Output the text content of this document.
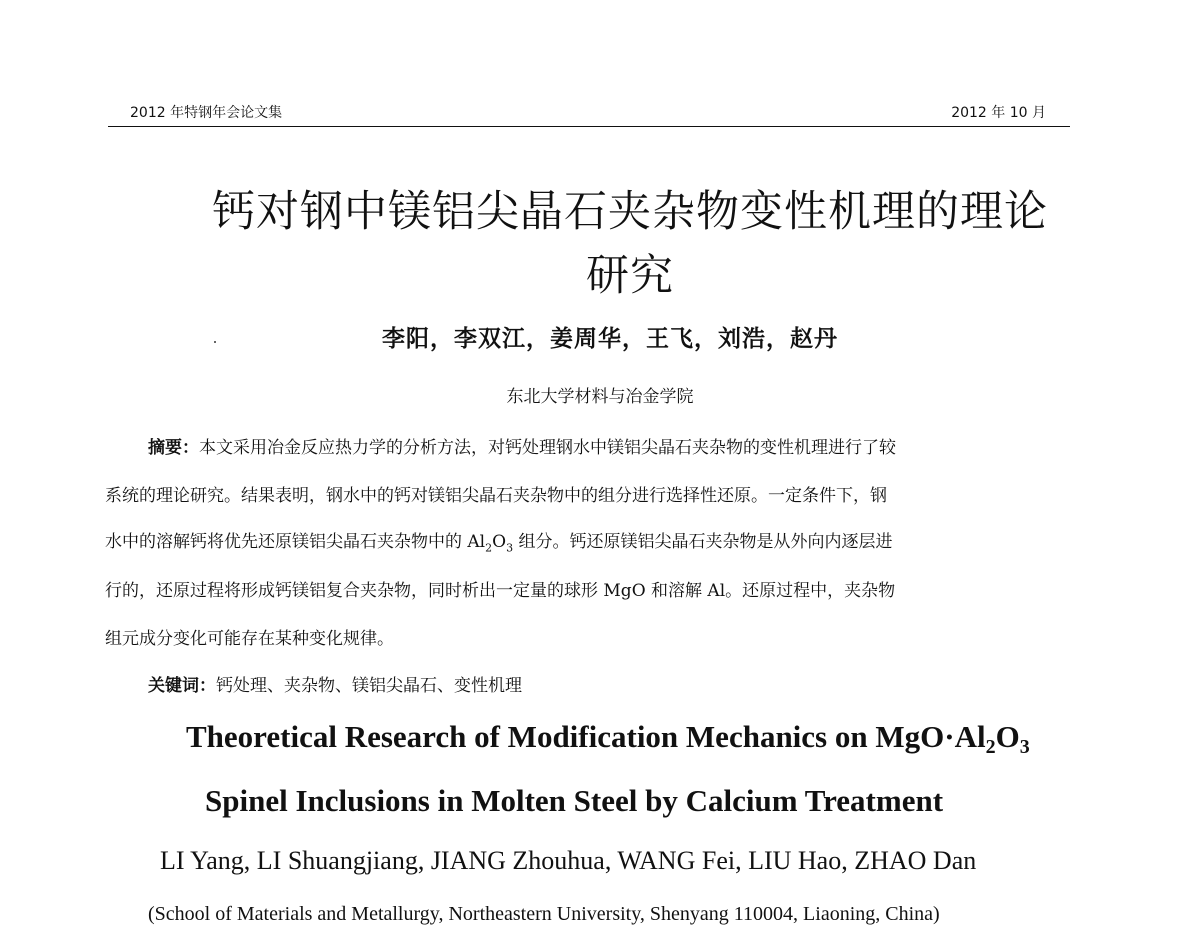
2012 年特钢年会论文集	2012 年 10 月
钙对钢中镁铝尖晶石夹杂物变性机理的理论
研究
李阳，李双江，姜周华，王飞，刘浩，赵丹
东北大学材料与冶金学院
摘要：本文采用冶金反应热力学的分析方法，对钙处理钢水中镁铝尖晶石夹杂物的变性机理进行了较
系统的理论研究。结果表明，钢水中的钙对镁铝尖晶石夹杂物中的组分进行选择性还原。一定条件下，钢
水中的溶解钙将优先还原镁铝尖晶石夹杂物中的 $Al_2O_3$ 组分。钙还原镁铝尖晶石夹杂物是从外向内逐层进
行的，还原过程将形成钙镁铝复合夹杂物，同时析出一定量的球形 MgO 和溶解 Al。还原过程中，夹杂物
组元成分变化可能存在某种变化规律。
关键词：钙处理、夹杂物、镁铝尖晶石、变性机理
Theoretical Research of Modification Mechanics on $MgO\cdot Al_2O_3$
Spinel Inclusions in Molten Steel by Calcium Treatment
LI Yang, LI Shuangjiang, JIANG Zhouhua, WANG Fei, LIU Hao, ZHAO Dan
(School of Materials and Metallurgy, Northeastern University, Shenyang 110004, Liaoning, China)
